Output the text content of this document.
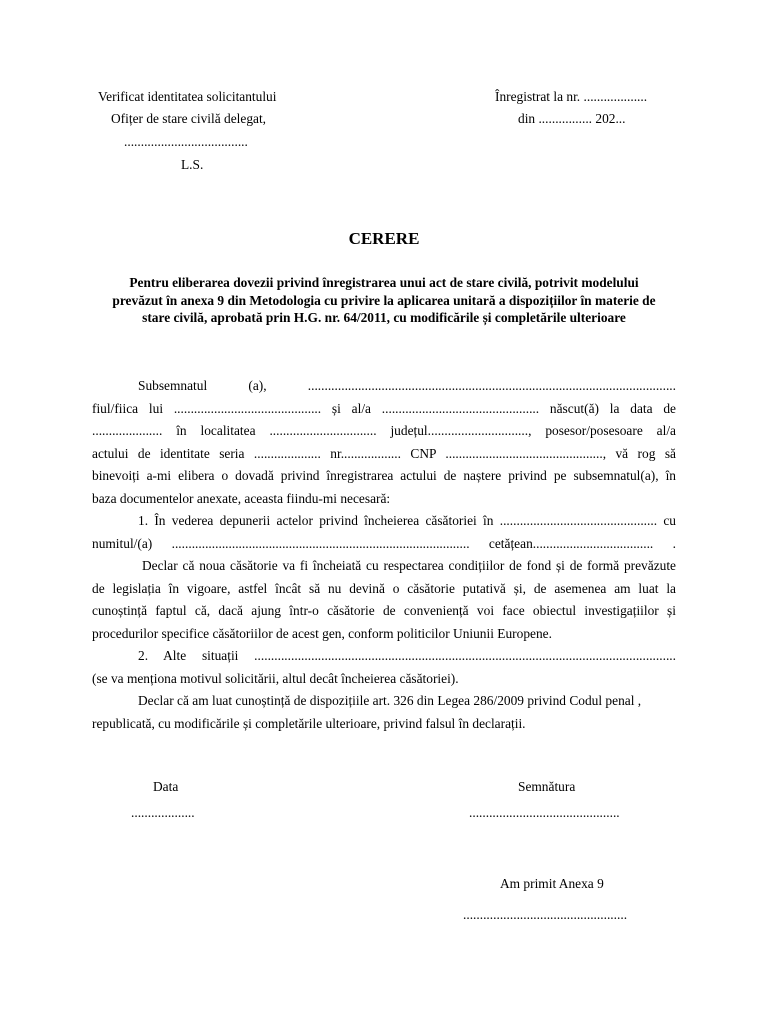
Verificat identitatea solicitantului
Ofițer de stare civilă delegat,
.....................................
L.S.
Înregistrat la nr. ...................
din ................ 202...
CERERE
Pentru eliberarea dovezii privind înregistrarea unui act de stare civilă, potrivit modelului prevăzut în anexa 9 din Metodologia cu privire la aplicarea unitară a dispozițiilor în materie de stare civilă, aprobată prin H.G. nr. 64/2011, cu modificările și completările ulterioare
Subsemnatul (a), ..............................................................................................................
fiul/fiica lui ............................................ și al/a ............................................... născut(ă) la data de
..................... în localitatea ................................ județul.............................., posesor/posesoare al/a
actului de identitate seria .................... nr.................. CNP ..............................................., vă rog să
binevoiți a-mi elibera o dovadă privind înregistrarea actului de naștere privind pe subsemnatul(a), în
baza documentelor anexate, aceasta fiindu-mi necesară:
1. În vederea depunerii actelor privind încheierea căsătoriei în ............................................... cu
numitul/(a) ......................................................................................... cetățean.................................... .
Declar că noua căsătorie va fi încheiată cu respectarea condițiilor de fond și de formă prevăzute
de legislația în vigoare, astfel încât să nu devină o căsătorie putativă și, de asemenea am luat la
cunoștință faptul că, dacă ajung într-o căsătorie de conveniență voi face obiectul investigațiilor și
procedurilor specifice căsătoriilor de acest gen, conform politicilor Uniunii Europene.
2. Alte situații ..............................................................................................................................
(se va menționa motivul solicitării, altul decât încheierea căsătoriei).
Declar că am luat cunoștință de dispozițiile art. 326 din Legea 286/2009 privind Codul penal ,
republicată, cu modificările și completările ulterioare, privind falsul în declarații.
Data
...................
Semnătura
.............................................
Am primit Anexa 9
.................................................
